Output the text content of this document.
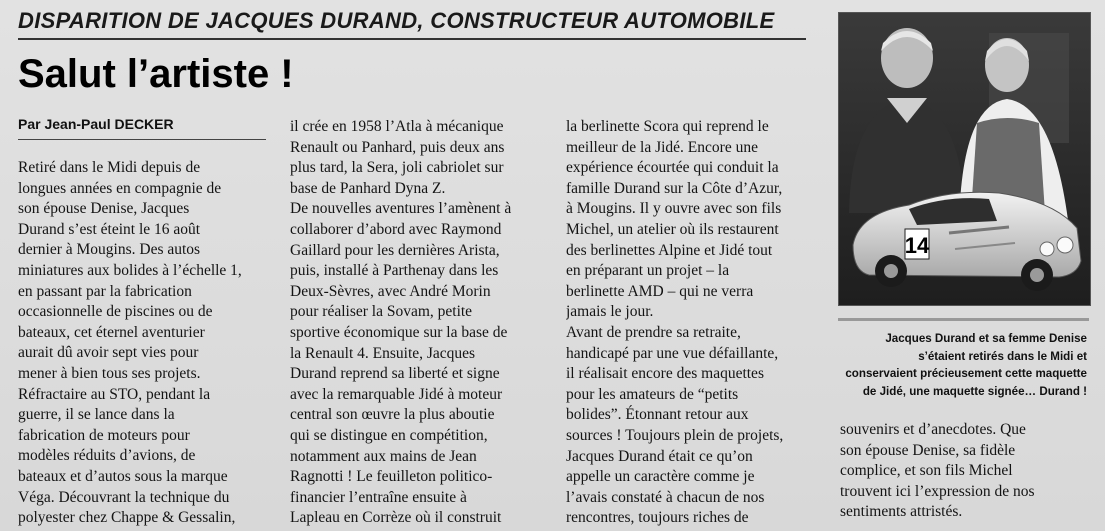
DISPARITION DE JACQUES DURAND, CONSTRUCTEUR AUTOMOBILE
Salut l’artiste !
Par Jean-Paul DECKER
Retiré dans le Midi depuis de
longues années en compagnie de
son épouse Denise, Jacques
Durand s’est éteint le 16 août
dernier à Mougins. Des autos
miniatures aux bolides à l’échelle 1,
en passant par la fabrication
occasionnelle de piscines ou de
bateaux, cet éternel aventurier
aurait dû avoir sept vies pour
mener à bien tous ses projets.
Réfractaire au STO, pendant la
guerre, il se lance dans la
fabrication de moteurs pour
modèles réduits d’avions, de
bateaux et d’autos sous la marque
Véga. Découvrant la technique du
polyester chez Chappe & Gessalin,
il crée en 1958 l’Atla à mécanique
Renault ou Panhard, puis deux ans
plus tard, la Sera, joli cabriolet sur
base de Panhard Dyna Z.
De nouvelles aventures l’amènent à
collaborer d’abord avec Raymond
Gaillard pour les dernières Arista,
puis, installé à Parthenay dans les
Deux-Sèvres, avec André Morin
pour réaliser la Sovam, petite
sportive économique sur la base de
la Renault 4. Ensuite, Jacques
Durand reprend sa liberté et signe
avec la remarquable Jidé à moteur
central son œuvre la plus aboutie
qui se distingue en compétition,
notamment aux mains de Jean
Ragnotti ! Le feuilleton politico-
financier l’entraîne ensuite à
Lapleau en Corrèze où il construit
la berlinette Scora qui reprend le
meilleur de la Jidé. Encore une
expérience écourtée qui conduit la
famille Durand sur la Côte d’Azur,
à Mougins. Il y ouvre avec son fils
Michel, un atelier où ils restaurent
des berlinettes Alpine et Jidé tout
en préparant un projet – la
berlinette AMD – qui ne verra
jamais le jour.
Avant de prendre sa retraite,
handicapé par une vue défaillante,
il réalisait encore des maquettes
pour les amateurs de “petits
bolides”. Étonnant retour aux
sources ! Toujours plein de projets,
Jacques Durand était ce qu’on
appelle un caractère comme je
l’avais constaté à chacun de nos
rencontres, toujours riches de
souvenirs et d’anecdotes. Que
son épouse Denise, sa fidèle
complice, et son fils Michel
trouvent ici l’expression de nos
sentiments attristés.
14
Jacques Durand et sa femme Denise
s’étaient retirés dans le Midi et
conservaient précieusement cette maquette
de Jidé, une maquette signée… Durand !
